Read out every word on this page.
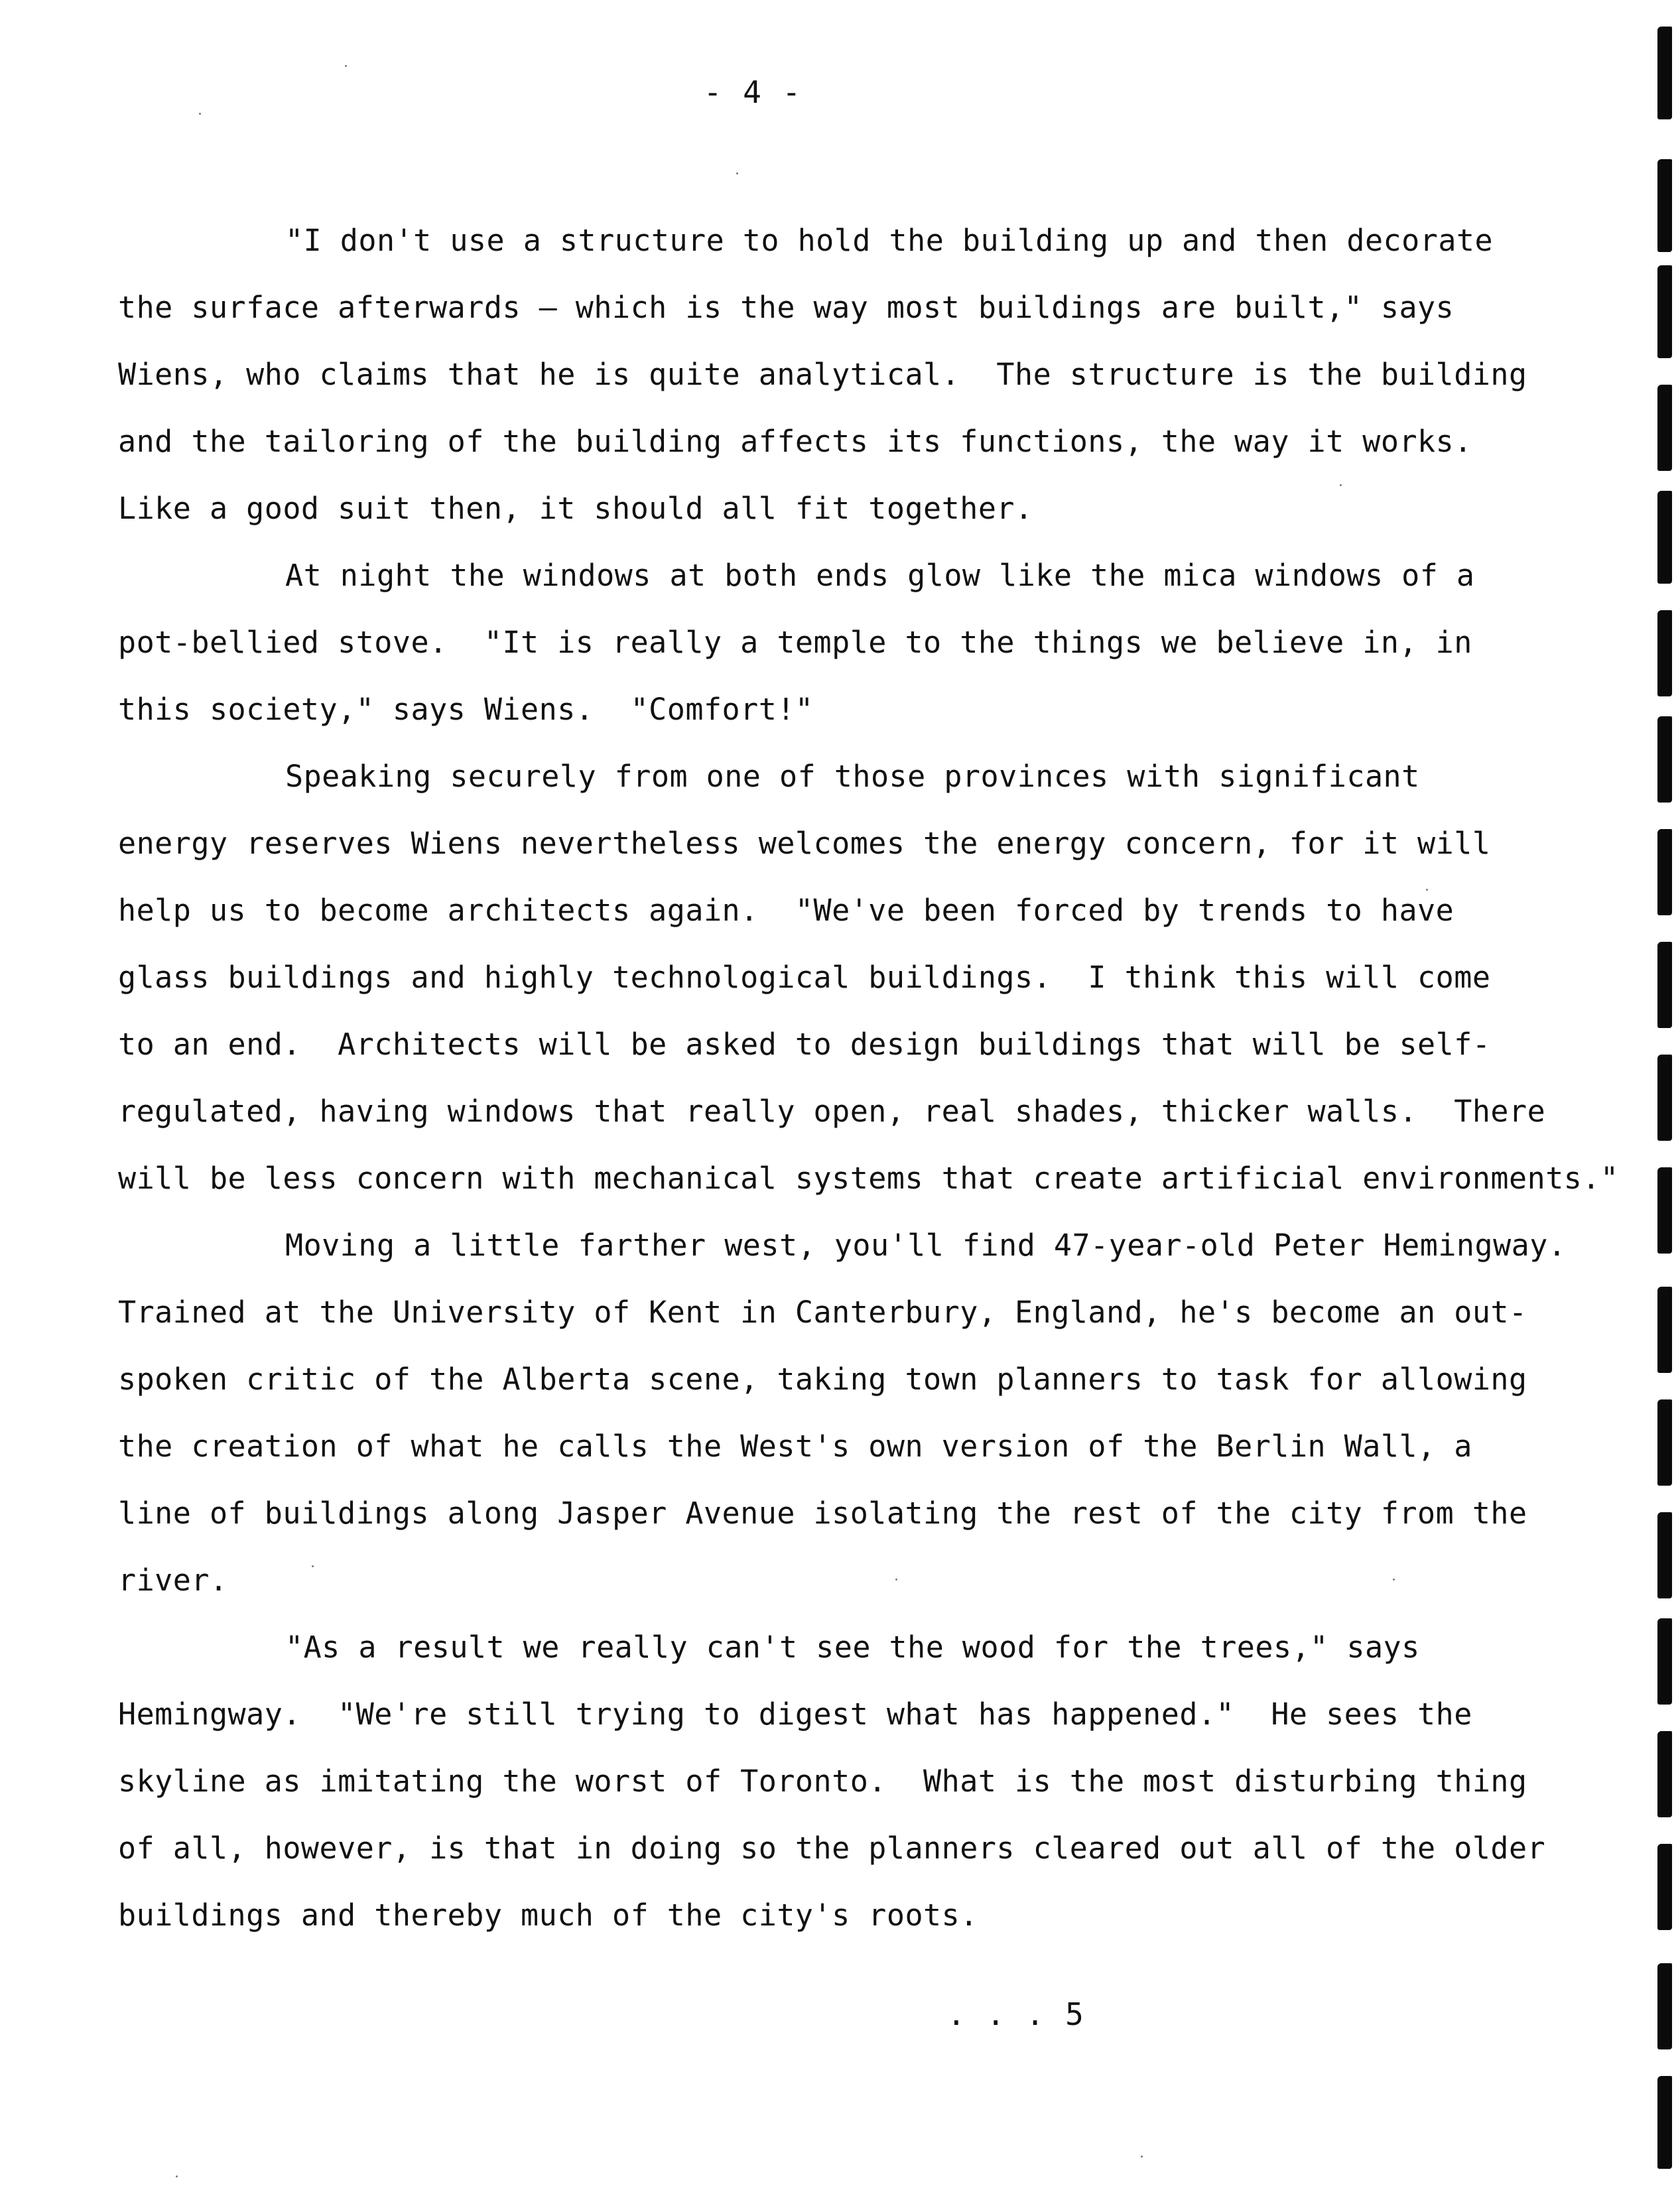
- 4 -
"I don't use a structure to hold the building up and then decorate
the surface afterwards — which is the way most buildings are built," says
Wiens, who claims that he is quite analytical.  The structure is the building
and the tailoring of the building affects its functions, the way it works.
Like a good suit then, it should all fit together.
At night the windows at both ends glow like the mica windows of a
pot-bellied stove.  "It is really a temple to the things we believe in, in
this society," says Wiens.  "Comfort!"
Speaking securely from one of those provinces with significant
energy reserves Wiens nevertheless welcomes the energy concern, for it will
help us to become architects again.  "We've been forced by trends to have
glass buildings and highly technological buildings.  I think this will come
to an end.  Architects will be asked to design buildings that will be self-
regulated, having windows that really open, real shades, thicker walls.  There
will be less concern with mechanical systems that create artificial environments."
Moving a little farther west, you'll find 47-year-old Peter Hemingway.
Trained at the University of Kent in Canterbury, England, he's become an out-
spoken critic of the Alberta scene, taking town planners to task for allowing
the creation of what he calls the West's own version of the Berlin Wall, a
line of buildings along Jasper Avenue isolating the rest of the city from the
river.
"As a result we really can't see the wood for the trees," says
Hemingway.  "We're still trying to digest what has happened."  He sees the
skyline as imitating the worst of Toronto.  What is the most disturbing thing
of all, however, is that in doing so the planners cleared out all of the older
buildings and thereby much of the city's roots.
. . . 5
